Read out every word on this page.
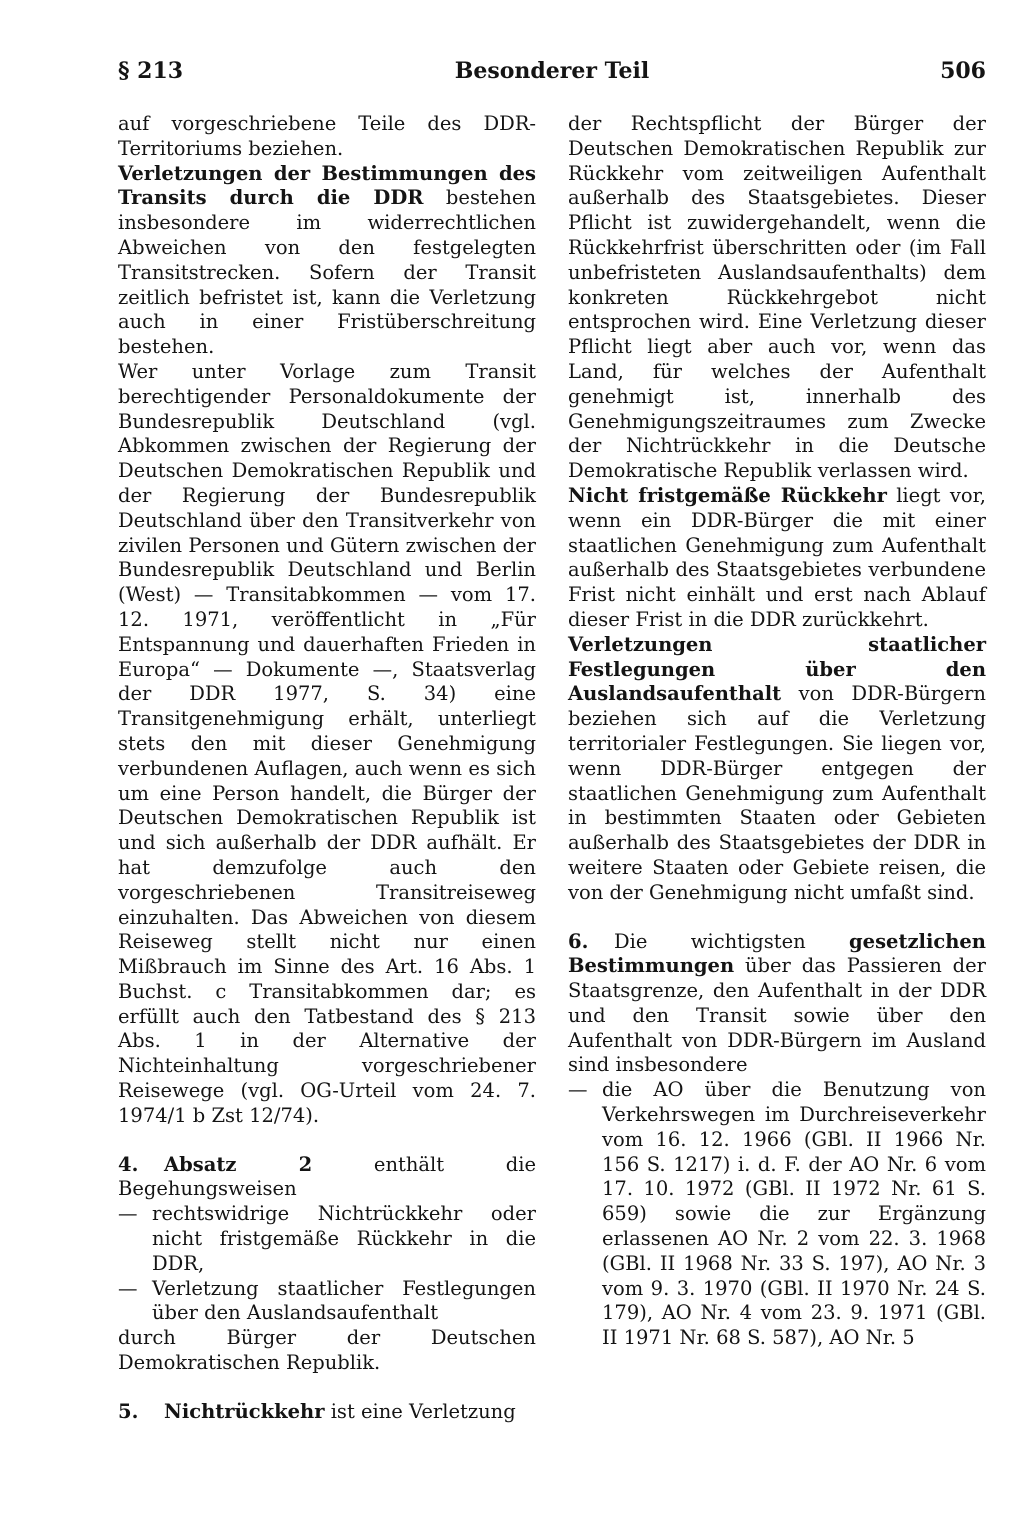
§ 213	Besonderer Teil	506

auf vorgeschriebene Teile des DDR-Territoriums beziehen.

Verletzungen der Bestimmungen des Transits durch die DDR bestehen insbesondere im widerrechtlichen Abweichen von den festgelegten Transitstrecken. Sofern der Transit zeitlich befristet ist, kann die Verletzung auch in einer Fristüberschreitung bestehen.

Wer unter Vorlage zum Transit berechtigender Personaldokumente der Bundesrepublik Deutschland (vgl. Abkommen zwischen der Regierung der Deutschen Demokratischen Republik und der Regierung der Bundesrepublik Deutschland über den Transitverkehr von zivilen Personen und Gütern zwischen der Bundesrepublik Deutschland und Berlin (West) — Transitabkommen — vom 17. 12. 1971, veröffentlicht in „Für Entspannung und dauerhaften Frieden in Europa“ — Dokumente —, Staatsverlag der DDR 1977, S. 34) eine Transitgenehmigung erhält, unterliegt stets den mit dieser Genehmigung verbundenen Auflagen, auch wenn es sich um eine Person handelt, die Bürger der Deutschen Demokratischen Republik ist und sich außerhalb der DDR aufhält. Er hat demzufolge auch den vorgeschriebenen Transitreiseweg einzuhalten. Das Abweichen von diesem Reiseweg stellt nicht nur einen Mißbrauch im Sinne des Art. 16 Abs. 1 Buchst. c Transitabkommen dar; es erfüllt auch den Tatbestand des § 213 Abs. 1 in der Alternative der Nichteinhaltung vorgeschriebener Reisewege (vgl. OG-Urteil vom 24. 7. 1974/1 b Zst 12/74).

4. Absatz 2 enthält die Begehungsweisen

— rechtswidrige Nichtrückkehr oder nicht fristgemäße Rückkehr in die DDR,
— Verletzung staatlicher Festlegungen über den Auslandsaufenthalt

durch Bürger der Deutschen Demokratischen Republik.

5. Nichtrückkehr ist eine Verletzung

der Rechtspflicht der Bürger der Deutschen Demokratischen Republik zur Rückkehr vom zeitweiligen Aufenthalt außerhalb des Staatsgebietes. Dieser Pflicht ist zuwidergehandelt, wenn die Rückkehrfrist überschritten oder (im Fall unbefristeten Auslandsaufenthalts) dem konkreten Rückkehrgebot nicht entsprochen wird. Eine Verletzung dieser Pflicht liegt aber auch vor, wenn das Land, für welches der Aufenthalt genehmigt ist, innerhalb des Genehmigungszeitraumes zum Zwecke der Nichtrückkehr in die Deutsche Demokratische Republik verlassen wird.

Nicht fristgemäße Rückkehr liegt vor, wenn ein DDR-Bürger die mit einer staatlichen Genehmigung zum Aufenthalt außerhalb des Staatsgebietes verbundene Frist nicht einhält und erst nach Ablauf dieser Frist in die DDR zurückkehrt.

Verletzungen staatlicher Festlegungen über den Auslandsaufenthalt von DDR-Bürgern beziehen sich auf die Verletzung territorialer Festlegungen. Sie liegen vor, wenn DDR-Bürger entgegen der staatlichen Genehmigung zum Aufenthalt in bestimmten Staaten oder Gebieten außerhalb des Staatsgebietes der DDR in weitere Staaten oder Gebiete reisen, die von der Genehmigung nicht umfaßt sind.

6. Die wichtigsten gesetzlichen Bestimmungen über das Passieren der Staatsgrenze, den Aufenthalt in der DDR und den Transit sowie über den Aufenthalt von DDR-Bürgern im Ausland sind insbesondere

— die AO über die Benutzung von Verkehrswegen im Durchreiseverkehr vom 16. 12. 1966 (GBl. II 1966 Nr. 156 S. 1217) i. d. F. der AO Nr. 6 vom 17. 10. 1972 (GBl. II 1972 Nr. 61 S. 659) sowie die zur Ergänzung erlassenen AO Nr. 2 vom 22. 3. 1968 (GBl. II 1968 Nr. 33 S. 197), AO Nr. 3 vom 9. 3. 1970 (GBl. II 1970 Nr. 24 S. 179), AO Nr. 4 vom 23. 9. 1971 (GBl. II 1971 Nr. 68 S. 587), AO Nr. 5
